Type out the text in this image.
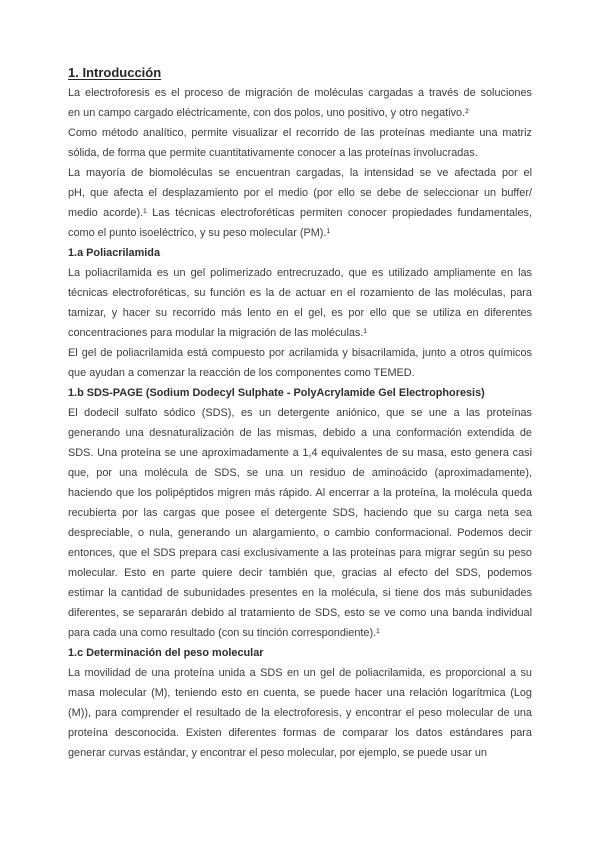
1. Introducción
La electroforesis es el proceso de migración de moléculas cargadas a través de soluciones
en un campo cargado eléctricamente, con dos polos, uno positivo, y otro negativo.²
Como método analítico, permite visualizar el recorrido de las proteínas mediante una matriz
sólida, de forma que permite cuantitativamente conocer a las proteínas involucradas.
La mayoría de biomoléculas se encuentran cargadas, la intensidad se ve afectada por el
pH, que afecta el desplazamiento por el medio (por ello se debe de seleccionar un buffer/
medio acorde).¹ Las técnicas electroforéticas permiten conocer propiedades fundamentales,
como el punto isoeléctrico, y su peso molecular (PM).¹
1.a Poliacrilamida
La poliacrilamida es un gel polimerizado entrecruzado, que es utilizado ampliamente en las
técnicas electroforéticas, su función es la de actuar en el rozamiento de las moléculas, para
tamizar, y hacer su recorrido más lento en el gel, es por ello que se utiliza en diferentes
concentraciones para modular la migración de las moléculas.¹
El gel de poliacrilamida está compuesto por acrilamida y bisacrilamida, junto a otros químicos
que ayudan a comenzar la reacción de los componentes como TEMED.
1.b SDS-PAGE (Sodium Dodecyl Sulphate - PolyAcrylamide Gel Electrophoresis)
El dodecil sulfato sódico (SDS), es un detergente aniónico, que se une a las proteínas
generando una desnaturalización de las mismas, debido a una conformación extendida de
SDS. Una proteína se une aproximadamente a 1,4 equivalentes de su masa, esto genera casi
que, por una molécula de SDS, se una un residuo de aminoácido (aproximadamente),
haciendo que los polipéptidos migren más rápido. Al encerrar a la proteína, la molécula queda
recubierta por las cargas que posee el detergente SDS, haciendo que su carga neta sea
despreciable, o nula, generando un alargamiento, o cambio conformacional. Podemos decir
entonces, que el SDS prepara casi exclusivamente a las proteínas para migrar según su peso
molecular. Esto en parte quiere decir también que, gracias al efecto del SDS, podemos
estimar la cantidad de subunidades presentes en la molécula, si tiene dos más subunidades
diferentes, se separarán debido al tratamiento de SDS, esto se ve como una banda individual
para cada una como resultado (con su tinción correspondiente).¹
1.c Determinación del peso molecular
La movilidad de una proteína unida a SDS en un gel de poliacrilamida, es proporcional a su
masa molecular (M), teniendo esto en cuenta, se puede hacer una relación logarítmica (Log
(M)), para comprender el resultado de la electroforesis, y encontrar el peso molecular de una
proteína desconocida. Existen diferentes formas de comparar los datos estándares para
generar curvas estándar, y encontrar el peso molecular, por ejemplo, se puede usar un
